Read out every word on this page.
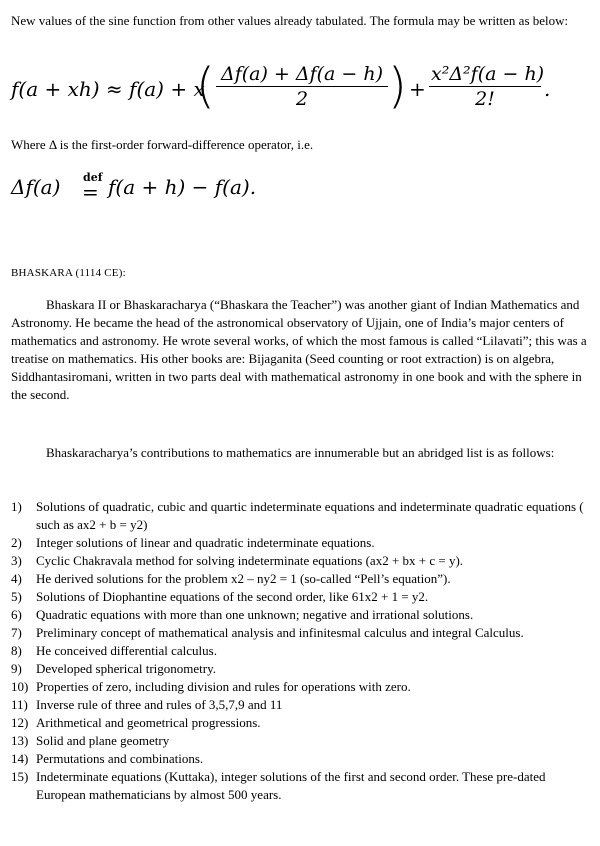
New values of the sine function from other values already tabulated. The formula may be written as below:

f(a + xh) ≈ f(a) + x
( $\frac{\Delta f(a) + \Delta f(a - h)}{2}$ ) + $\frac{\text{x²Δ²f(a − h)}}{2!}$ .

Where Δ is the first-order forward-difference operator, i.e.

Δf(a) def
= f(a + h) − f(a).
BHASKARA (1114 CE):

Bhaskara II or Bhaskaracharya (“Bhaskara the Teacher”) was another giant of Indian Mathematics and Astronomy. He became the head of the astronomical observatory of Ujjain, one of India’s major centers of mathematics and astronomy. He wrote several works, of which the most famous is called “Lilavati”; this was a treatise on mathematics. His other books are: Bijaganita (Seed counting or root extraction) is on algebra, Siddhantasiromani, written in two parts deal with mathematical astronomy in one book and with the sphere in the second.

Bhaskaracharya’s contributions to mathematics are innumerable but an abridged list is as follows:

1) Solutions of quadratic, cubic and quartic indeterminate equations and indeterminate quadratic equations ( such as ax2 + b = y2)
2) Integer solutions of linear and quadratic indeterminate equations.
3) Cyclic Chakravala method for solving indeterminate equations (ax2 + bx + c = y).
4) He derived solutions for the problem x2 – ny2 = 1 (so-called “Pell’s equation”).
5) Solutions of Diophantine equations of the second order, like 61x2 + 1 = y2.
6) Quadratic equations with more than one unknown; negative and irrational solutions.
7) Preliminary concept of mathematical analysis and infinitesmal calculus and integral Calculus.
8) He conceived differential calculus.
9) Developed spherical trigonometry.
10) Properties of zero, including division and rules for operations with zero.
11) Inverse rule of three and rules of 3,5,7,9 and 11
12) Arithmetical and geometrical progressions.
13) Solid and plane geometry
14) Permutations and combinations.
15) Indeterminate equations (Kuttaka), integer solutions of the first and second order. These pre-dated European mathematicians by almost 500 years.
